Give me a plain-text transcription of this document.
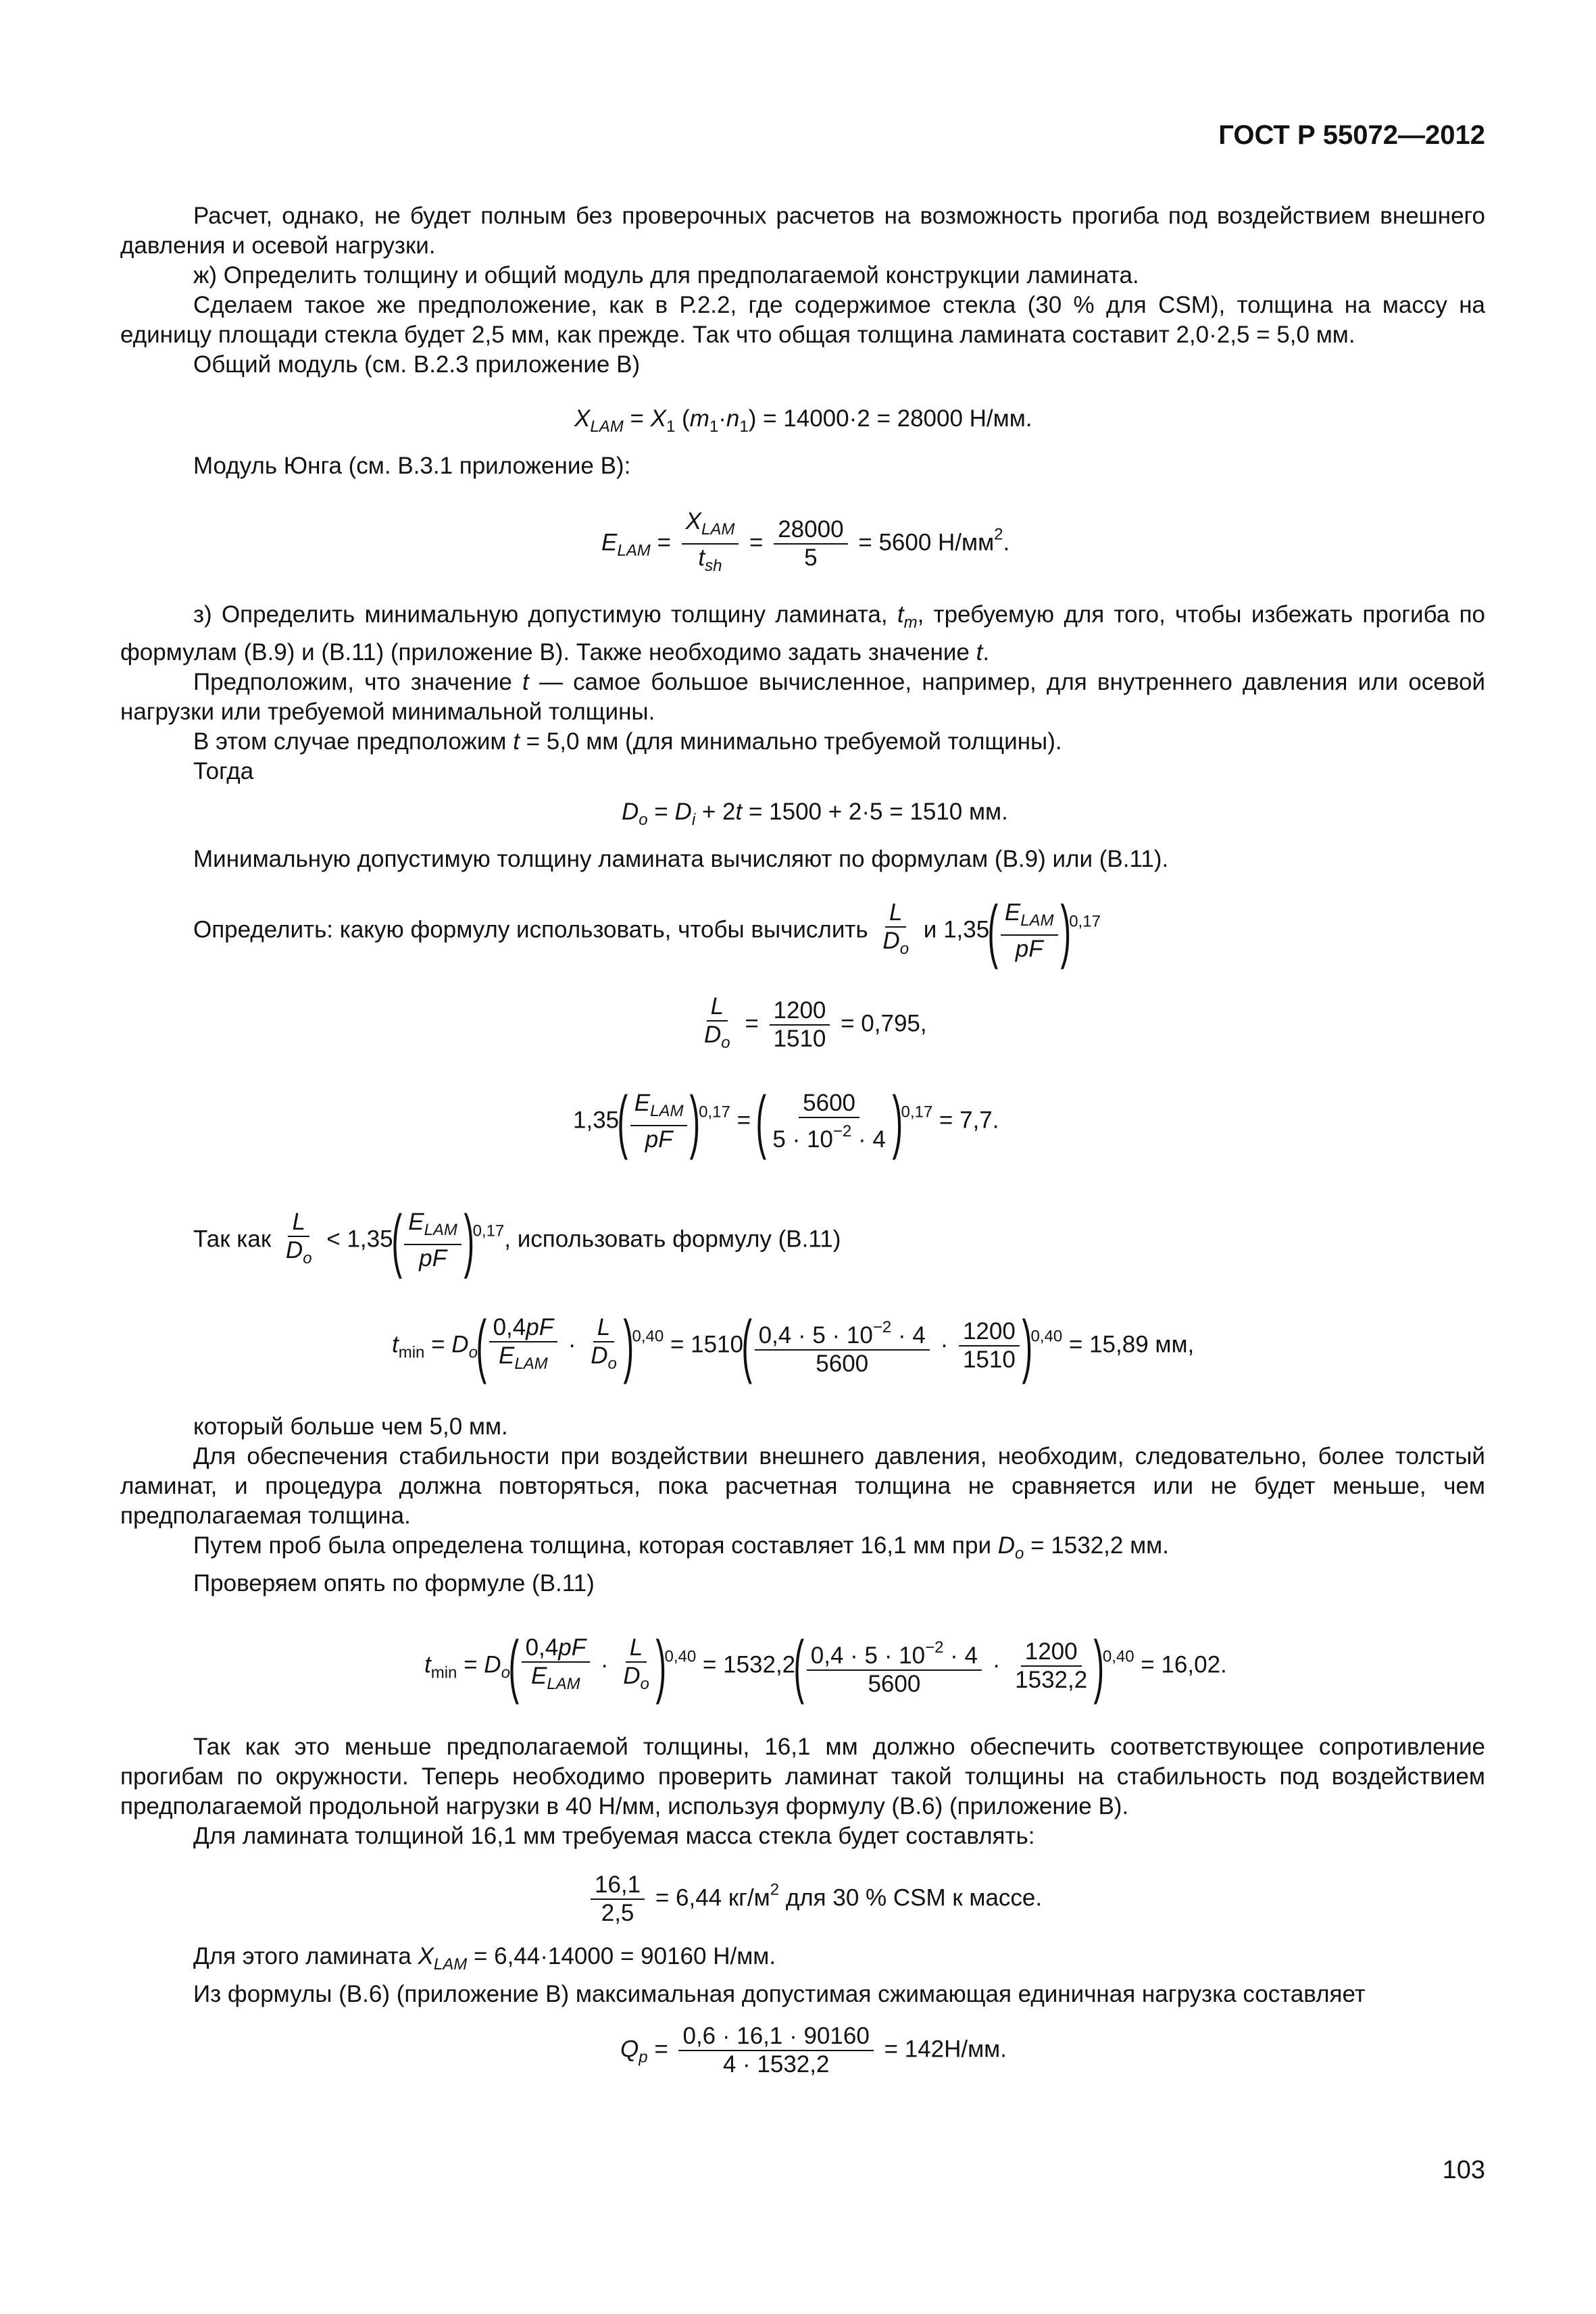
ГОСТ Р 55072—2012

Расчет, однако, не будет полным без проверочных расчетов на возможность прогиба под воздействием внешнего давления и осевой нагрузки.

ж) Определить толщину и общий модуль для предполагаемой конструкции ламината.

Сделаем такое же предположение, как в Р.2.2, где содержимое стекла (30 % для CSM), толщина на массу на единицу площади стекла будет 2,5 мм, как прежде. Так что общая толщина ламината составит 2,0·2,5 = 5,0 мм.

Общий модуль (см. В.2.3 приложение В)

$X_{LAM} = X_1$ $(m_1\cdot n_1) = 14000\cdot 2 = 28000$ Н/мм.

Модуль Юнга (см. В.3.1 приложение В):

$E_{LAM} = \frac{X_{LAM}}{t_{sh}} = \frac{28000}{5} = 5600$ $Н/мм^2$.

з) Определить минимальную допустимую толщину ламината, $t_m$, требуемую для того, чтобы избежать прогиба по формулам (В.9) и (В.11) (приложение В). Также необходимо задать значение t.

Предположим, что значение t — самое большое вычисленное, например, для внутреннего давления или осевой нагрузки или требуемой минимальной толщины.

В этом случае предположим t = 5,0 мм (для минимально требуемой толщины).

Тогда

$D_o = D_i + 2t = 1500 + 2\cdot 5 = 1510$ мм.

Минимальную допустимую толщину ламината вычисляют по формулам (В.9) или (В.11).

Определить: какую формулу использовать, чтобы вычислить $\frac{L}{D_o}$ и $1,35( \frac{E_{LAM}}{pF} )^{0,17}$
$\frac{L}{D_o} = \frac{1200}{1510} = 0,795$,
$1,35( \frac{E_{LAM}}{pF} )^{0,17}$ = ( $\frac{5600}{5 \cdot 10^{-2} \cdot 4} )^{0,17} = 7,7$.
Так как $\frac{L}{D_o} < 1,35( \frac{E_{LAM}}{pF} )^{0,17}$, использовать формулу (В.11)
$t_{min} = D_o( \frac{0,4pF}{E_{LAM}} \cdot \frac{L}{D_o} )^{0,40} = 1510( \frac{0,4 \cdot 5 \cdot 10^{-2} \cdot 4}{5600} \cdot \frac{1200}{1510} )^{0,40} = 15,89$ мм,

который больше чем 5,0 мм.

Для обеспечения стабильности при воздействии внешнего давления, необходим, следовательно, более толстый ламинат, и процедура должна повторяться, пока расчетная толщина не сравняется или не будет меньше, чем предполагаемая толщина.

Путем проб была определена толщина, которая составляет 16,1 мм при $D_o = 1532,2$ мм.

Проверяем опять по формуле (В.11)

$t_{min} = D_o( \frac{0,4pF}{E_{LAM}} \cdot \frac{L}{D_o} )^{0,40} = 1532,2( \frac{0,4 \cdot 5 \cdot 10^{-2} \cdot 4}{5600} \cdot \frac{1200}{1532,2} )^{0,40} = 16,02$.

Так как это меньше предполагаемой толщины, 16,1 мм должно обеспечить соответствующее сопротивление прогибам по окружности. Теперь необходимо проверить ламинат такой толщины на стабильность под воздействием предполагаемой продольной нагрузки в 40 Н/мм, используя формулу (В.6) (приложение В).

Для ламината толщиной 16,1 мм требуемая масса стекла будет составлять:

$\frac{16,1}{2,5} = 6,44$ $кг/м^2$ для 30 % CSM к массе.

Для этого ламината $X_{LAM} = 6,44\cdot 14000 = 90160$ Н/мм.

Из формулы (В.6) (приложение В) максимальная допустимая сжимающая единичная нагрузка составляет

$Q_p = \frac{0,6 \cdot 16,1 \cdot 90160}{4 \cdot 1532,2} = 142Н/мм$.
103
